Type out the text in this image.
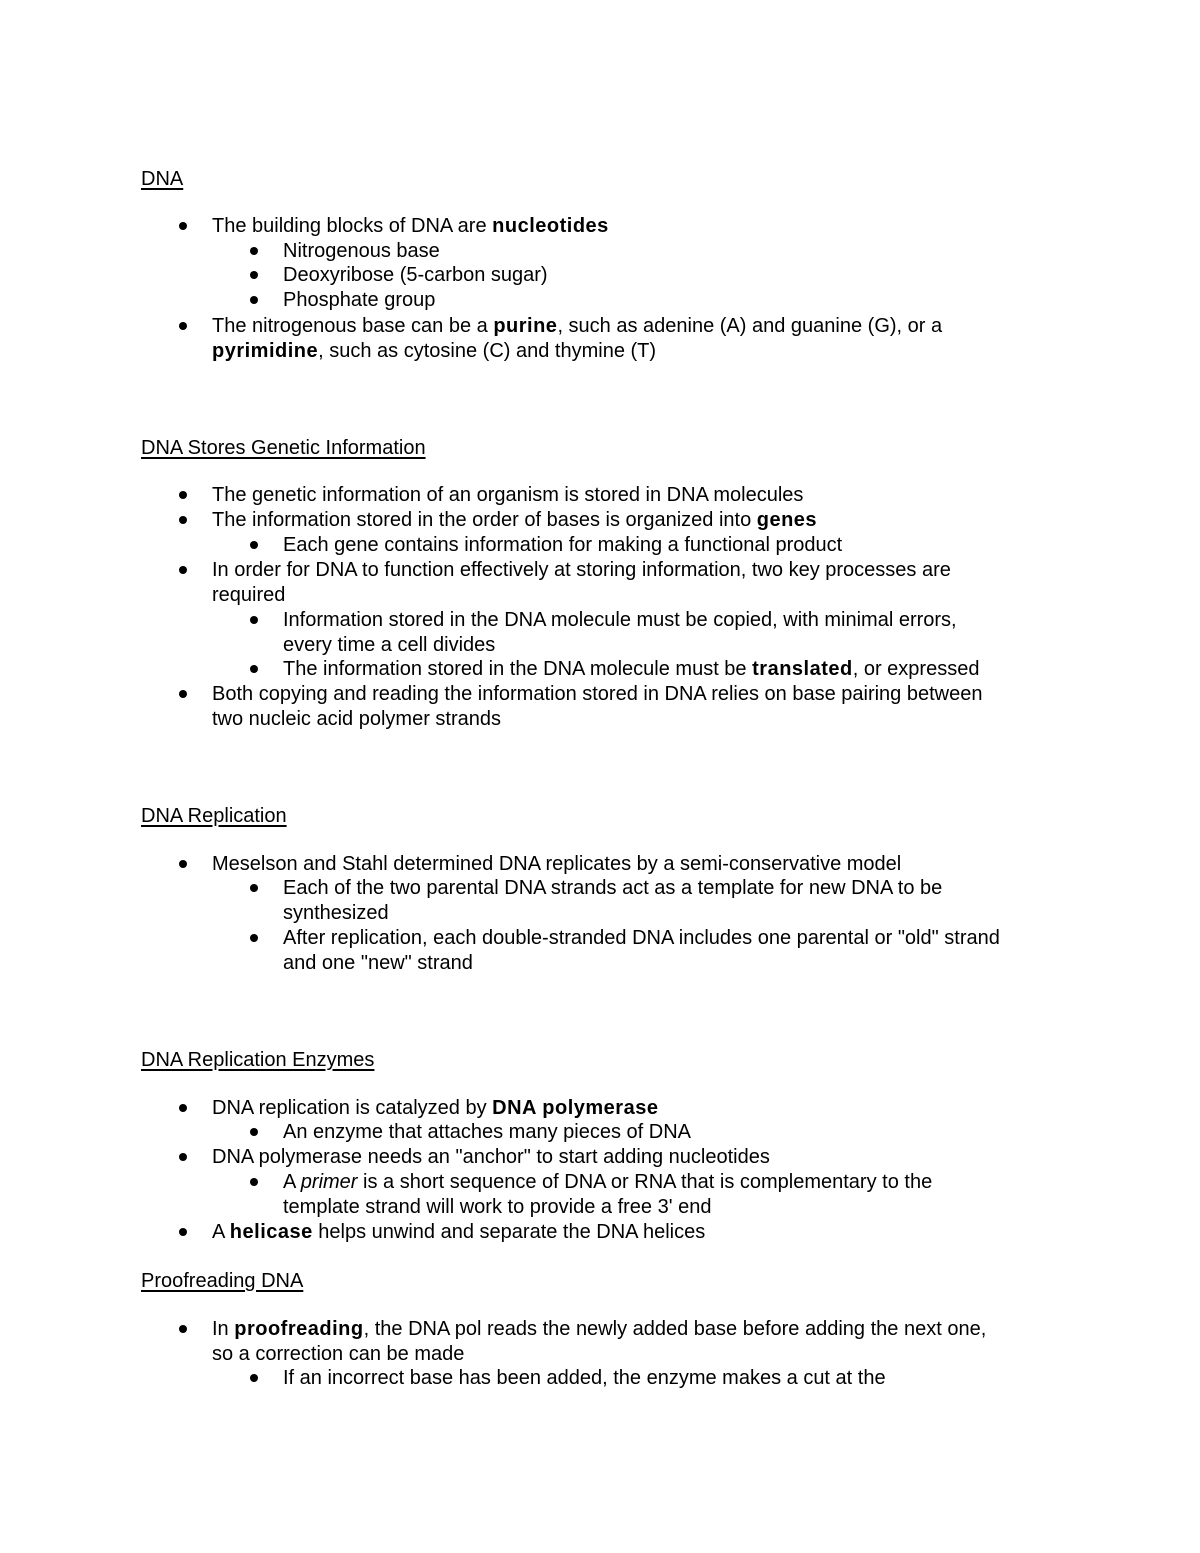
DNA
The building blocks of DNA are nucleotides
Nitrogenous base
Deoxyribose (5-carbon sugar)
Phosphate group
The nitrogenous base can be a purine, such as adenine (A) and guanine (G), or a
pyrimidine, such as cytosine (C) and thymine (T)
DNA Stores Genetic Information
The genetic information of an organism is stored in DNA molecules
The information stored in the order of bases is organized into genes
Each gene contains information for making a functional product
In order for DNA to function effectively at storing information, two key processes are
required
Information stored in the DNA molecule must be copied, with minimal errors,
every time a cell divides
The information stored in the DNA molecule must be translated, or expressed
Both copying and reading the information stored in DNA relies on base pairing between
two nucleic acid polymer strands
DNA Replication
Meselson and Stahl determined DNA replicates by a semi-conservative model
Each of the two parental DNA strands act as a template for new DNA to be
synthesized
After replication, each double-stranded DNA includes one parental or "old" strand
and one "new" strand
DNA Replication Enzymes
DNA replication is catalyzed by DNA polymerase
An enzyme that attaches many pieces of DNA
DNA polymerase needs an "anchor" to start adding nucleotides
A primer is a short sequence of DNA or RNA that is complementary to the
template strand will work to provide a free 3' end
A helicase helps unwind and separate the DNA helices
Proofreading DNA
In proofreading, the DNA pol reads the newly added base before adding the next one,
so a correction can be made
If an incorrect base has been added, the enzyme makes a cut at the
